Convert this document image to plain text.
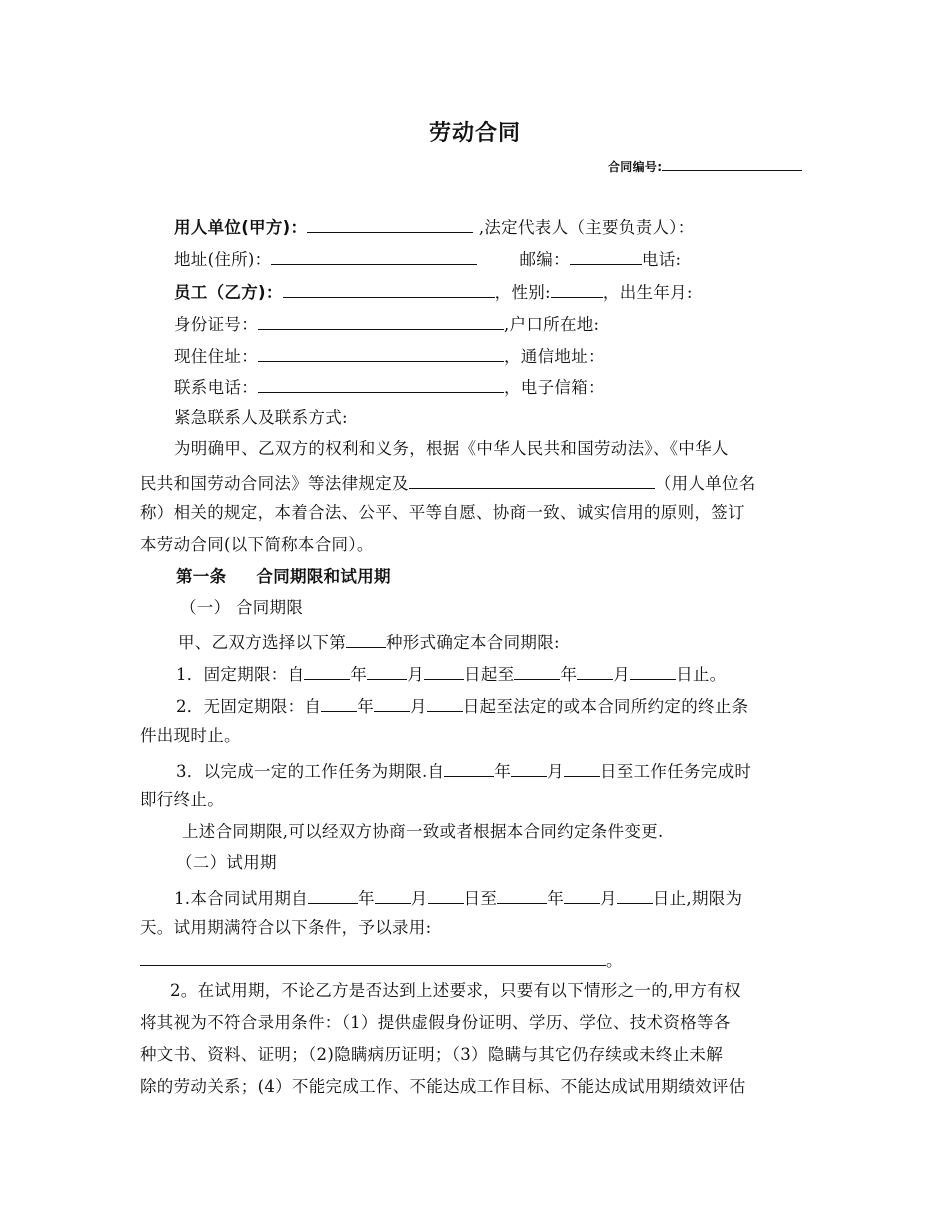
劳动合同
合同编号:
用人单位(甲方)：	,法定代表人（主要负责人）：
地址(住所)：	邮编：	电话:
员工（乙方)：	，性别:	，出生年月:
身份证号：	,户口所在地:
现住住址：	，通信地址：
联系电话：	，电子信箱：
紧急联系人及联系方式:
为明确甲、乙双方的权利和义务，根据《中华人民共和国劳动法》、《中华人
民共和国劳动合同法》等法律规定及	（用人单位名
称）相关的规定，本着合法、公平、平等自愿、协商一致、诚实信用的原则，签订
本劳动合同(以下简称本合同）。
第一条 合同期限和试用期
（一） 合同期限
甲、乙双方选择以下第 种形式确定本合同期限:
1．固定期限：自	年 月 日起至	年 月	日止。
2．无固定期限：自 年 月 日起至法定的或本合同所约定的终止条
件出现时止。
3．以完成一定的工作任务为期限.自	年 月 日至工作任务完成时
即行终止。
上述合同期限,可以经双方协商一致或者根据本合同约定条件变更.
（二）试用期
1.本合同试用期自	年 月 日至	年 月 日止,期限为
天。试用期满符合以下条件，予以录用:
。
2。在试用期，不论乙方是否达到上述要求，只要有以下情形之一的,甲方有权
将其视为不符合录用条件：（1）提供虚假身份证明、学历、学位、技术资格等各
种文书、资料、证明；（2)隐瞒病历证明；（3）隐瞒与其它仍存续或未终止未解
除的劳动关系；(4）不能完成工作、不能达成工作目标、不能达成试用期绩效评估
